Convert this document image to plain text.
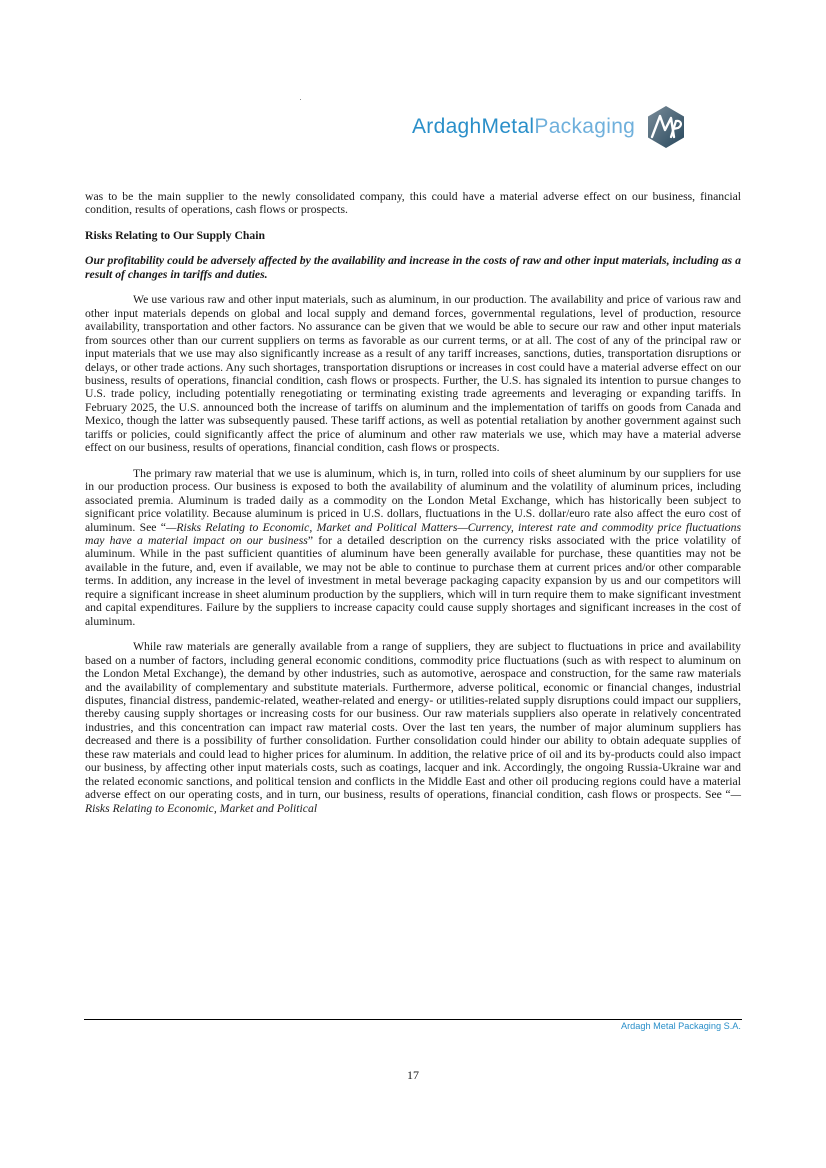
ArdaghMetalPackaging

was to be the main supplier to the newly consolidated company, this could have a material adverse effect on our business, financial condition, results of operations, cash flows or prospects.

Risks Relating to Our Supply Chain

Our profitability could be adversely affected by the availability and increase in the costs of raw and other input materials, including as a result of changes in tariffs and duties.

We use various raw and other input materials, such as aluminum, in our production. The availability and price of various raw and other input materials depends on global and local supply and demand forces, governmental regulations, level of production, resource availability, transportation and other factors. No assurance can be given that we would be able to secure our raw and other input materials from sources other than our current suppliers on terms as favorable as our current terms, or at all. The cost of any of the principal raw or input materials that we use may also significantly increase as a result of any tariff increases, sanctions, duties, transportation disruptions or delays, or other trade actions. Any such shortages, transportation disruptions or increases in cost could have a material adverse effect on our business, results of operations, financial condition, cash flows or prospects. Further, the U.S. has signaled its intention to pursue changes to U.S. trade policy, including potentially renegotiating or terminating existing trade agreements and leveraging or expanding tariffs. In February 2025, the U.S. announced both the increase of tariffs on aluminum and the implementation of tariffs on goods from Canada and Mexico, though the latter was subsequently paused. These tariff actions, as well as potential retaliation by another government against such tariffs or policies, could significantly affect the price of aluminum and other raw materials we use, which may have a material adverse effect on our business, results of operations, financial condition, cash flows or prospects.

The primary raw material that we use is aluminum, which is, in turn, rolled into coils of sheet aluminum by our suppliers for use in our production process. Our business is exposed to both the availability of aluminum and the volatility of aluminum prices, including associated premia. Aluminum is traded daily as a commodity on the London Metal Exchange, which has historically been subject to significant price volatility. Because aluminum is priced in U.S. dollars, fluctuations in the U.S. dollar/euro rate also affect the euro cost of aluminum. See “—Risks Relating to Economic, Market and Political Matters—Currency, interest rate and commodity price fluctuations may have a material impact on our business” for a detailed description on the currency risks associated with the price volatility of aluminum. While in the past sufficient quantities of aluminum have been generally available for purchase, these quantities may not be available in the future, and, even if available, we may not be able to continue to purchase them at current prices and/or other comparable terms. In addition, any increase in the level of investment in metal beverage packaging capacity expansion by us and our competitors will require a significant increase in sheet aluminum production by the suppliers, which will in turn require them to make significant investment and capital expenditures. Failure by the suppliers to increase capacity could cause supply shortages and significant increases in the cost of aluminum.

While raw materials are generally available from a range of suppliers, they are subject to fluctuations in price and availability based on a number of factors, including general economic conditions, commodity price fluctuations (such as with respect to aluminum on the London Metal Exchange), the demand by other industries, such as automotive, aerospace and construction, for the same raw materials and the availability of complementary and substitute materials. Furthermore, adverse political, economic or financial changes, industrial disputes, financial distress, pandemic-related, weather-related and energy- or utilities-related supply disruptions could impact our suppliers, thereby causing supply shortages or increasing costs for our business. Our raw materials suppliers also operate in relatively concentrated industries, and this concentration can impact raw material costs. Over the last ten years, the number of major aluminum suppliers has decreased and there is a possibility of further consolidation. Further consolidation could hinder our ability to obtain adequate supplies of these raw materials and could lead to higher prices for aluminum. In addition, the relative price of oil and its by-products could also impact our business, by affecting other input materials costs, such as coatings, lacquer and ink. Accordingly, the ongoing Russia-Ukraine war and the related economic sanctions, and political tension and conflicts in the Middle East and other oil producing regions could have a material adverse effect on our operating costs, and in turn, our business, results of operations, financial condition, cash flows or prospects. See “—Risks Relating to Economic, Market and Political

Ardagh Metal Packaging S.A.
17
